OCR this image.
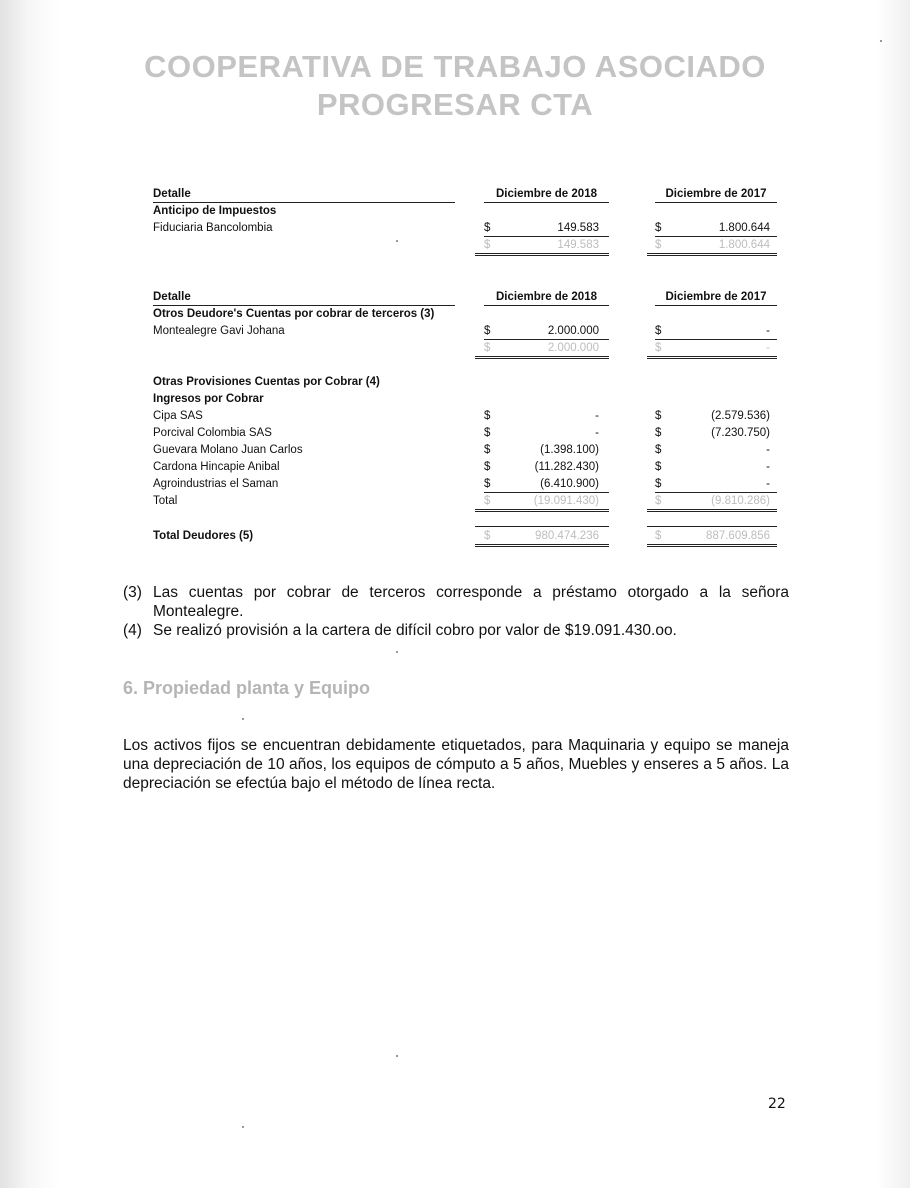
COOPERATIVA DE TRABAJO ASOCIADO
PROGRESAR CTA
Detalle	Diciembre de 2018	Diciembre de 2017
Anticipo de Impuestos
Fiduciaria Bancolombia	$	149.583	$	1.800.644
$	149.583	$	1.800.644
Detalle	Diciembre de 2018	Diciembre de 2017
Otros Deudore's Cuentas por cobrar de terceros (3)
Montealegre Gavi Johana	$	2.000.000	$	-
$	2.000.000	$	-
Otras Provisiones Cuentas por Cobrar (4)
Ingresos por Cobrar
Cipa SAS	$	-	$	(2.579.536)
Porcival Colombia SAS	$	-	$	(7.230.750)
Guevara Molano Juan Carlos	$	(1.398.100)	$	-
Cardona Hincapie Anibal	$	(11.282.430)	$	-
Agroindustrias el Saman	$	(6.410.900)	$	-
Total	$	(19.091.430)	$	(9.810.286)
Total Deudores (5)	$	980.474.236	$	887.609.856
(3) Las cuentas por cobrar de terceros corresponde a préstamo otorgado a la señora Montealegre.
(4) Se realizó provisión a la cartera de difícil cobro por valor de $19.091.430.oo.
6. Propiedad planta y Equipo
Los activos fijos se encuentran debidamente etiquetados, para Maquinaria y equipo se maneja una depreciación de 10 años, los equipos de cómputo a 5 años, Muebles y enseres a 5 años. La depreciación se efectúa bajo el método de línea recta.
22
